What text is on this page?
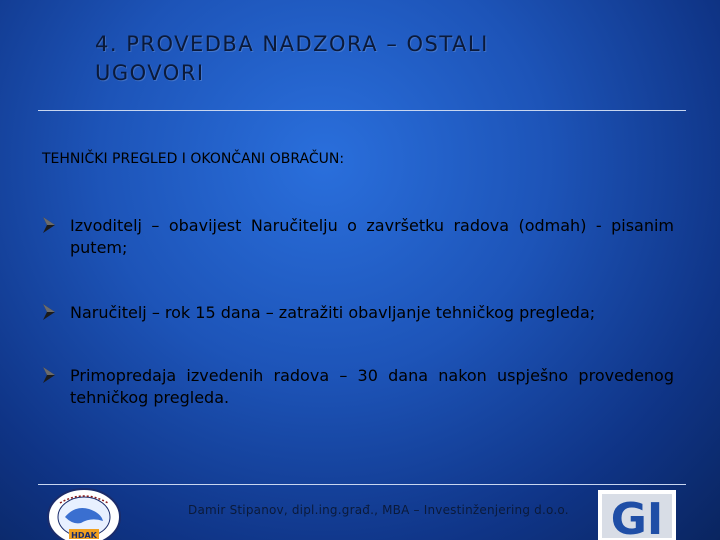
4. PROVEDBA NADZORA – OSTALI
UGOVORI
TEHNIČKI PREGLED I OKONČANI OBRAČUN:
Izvoditelj – obavijest Naručitelju o završetku radova (odmah) - pisanim putem;
Naručitelj – rok 15 dana – zatražiti obavljanje tehničkog pregleda;
Primopredaja izvedenih radova – 30 dana nakon uspješno provedenog tehničkog pregleda.
HDAK
Damir Stipanov, dipl.ing.građ., MBA – Investinženjering d.o.o. GI
